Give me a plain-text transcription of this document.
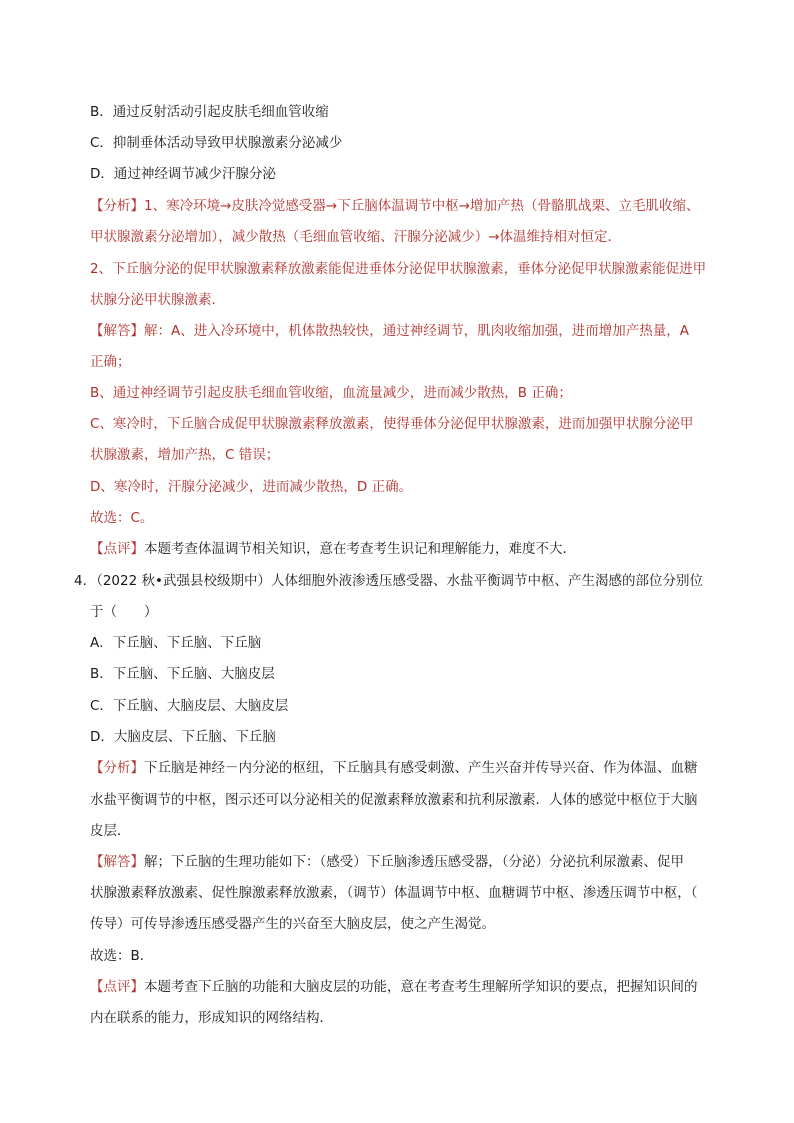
B．通过反射活动引起皮肤毛细血管收缩
C．抑制垂体活动导致甲状腺激素分泌减少
D．通过神经调节减少汗腺分泌
【分析】1、寒冷环境→皮肤冷觉感受器→下丘脑体温调节中枢→增加产热（骨骼肌战栗、立毛肌收缩、
甲状腺激素分泌增加），减少散热（毛细血管收缩、汗腺分泌减少）→体温维持相对恒定．
2、下丘脑分泌的促甲状腺激素释放激素能促进垂体分泌促甲状腺激素，垂体分泌促甲状腺激素能促进甲
状腺分泌甲状腺激素．
【解答】解：A、进入冷环境中，机体散热较快，通过神经调节，肌肉收缩加强，进而增加产热量，A
正确；
B、通过神经调节引起皮肤毛细血管收缩，血流量减少，进而减少散热，B 正确；
C、寒冷时，下丘脑合成促甲状腺激素释放激素，使得垂体分泌促甲状腺激素，进而加强甲状腺分泌甲
状腺激素，增加产热，C 错误；
D、寒冷时，汗腺分泌减少，进而减少散热，D 正确。
故选：C。
【点评】本题考查体温调节相关知识，意在考查考生识记和理解能力，难度不大．
4．（2022 秋•武强县校级期中）人体细胞外液渗透压感受器、水盐平衡调节中枢、产生渴感的部位分别位
于（　　）
A．下丘脑、下丘脑、下丘脑
B．下丘脑、下丘脑、大脑皮层
C．下丘脑、大脑皮层、大脑皮层
D．大脑皮层、下丘脑、下丘脑
【分析】下丘脑是神经－内分泌的枢纽，下丘脑具有感受刺激、产生兴奋并传导兴奋、作为体温、血糖
水盐平衡调节的中枢，图示还可以分泌相关的促激素释放激素和抗利尿激素．人体的感觉中枢位于大脑
皮层．
【解答】解；下丘脑的生理功能如下：（感受）下丘脑渗透压感受器，（分泌）分泌抗利尿激素、促甲
状腺激素释放激素、促性腺激素释放激素，（调节）体温调节中枢、血糖调节中枢、渗透压调节中枢，（
传导）可传导渗透压感受器产生的兴奋至大脑皮层，使之产生渴觉。
故选：B.
【点评】本题考查下丘脑的功能和大脑皮层的功能，意在考查考生理解所学知识的要点，把握知识间的
内在联系的能力，形成知识的网络结构．
